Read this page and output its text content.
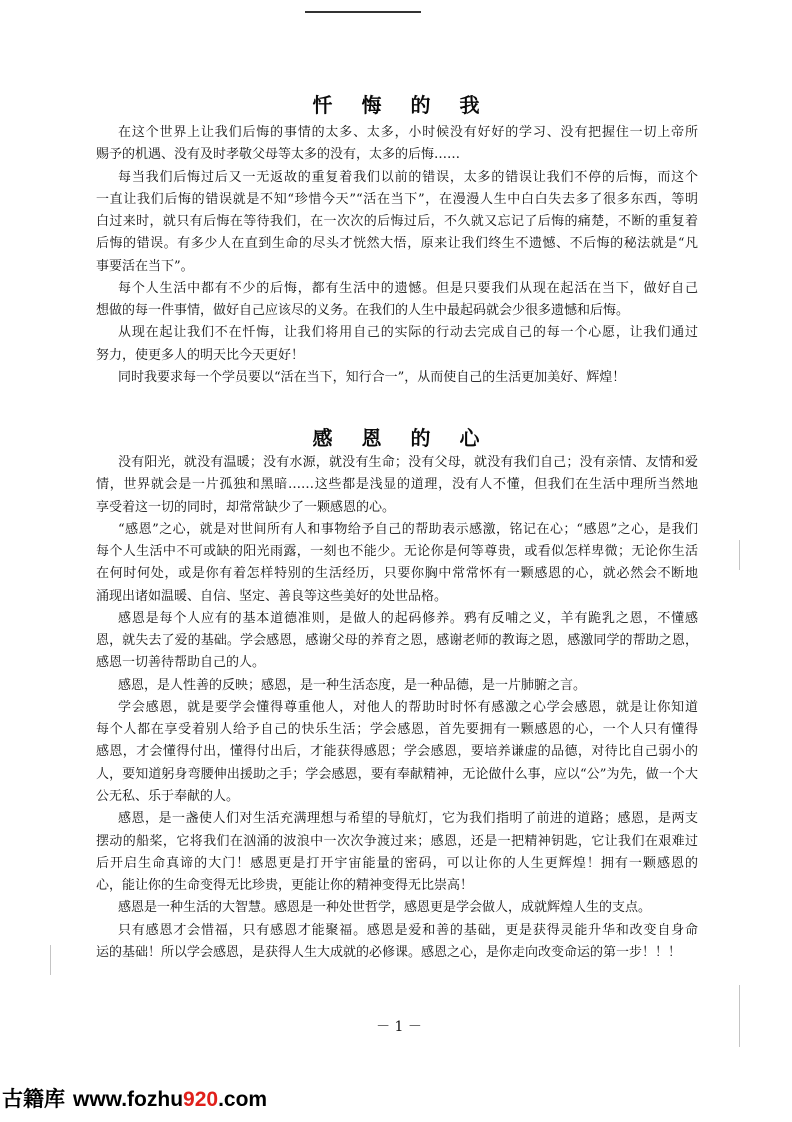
忏悔的我
在这个世界上让我们后悔的事情的太多、太多，小时候没有好好的学习、没有把握住一切上帝所
赐予的机遇、没有及时孝敬父母等太多的没有，太多的后悔……
每当我们后悔过后又一无返故的重复着我们以前的错误，太多的错误让我们不停的后悔，而这个
一直让我们后悔的错误就是不知“珍惜今天”“活在当下”，在漫漫人生中白白失去多了很多东西，等明
白过来时，就只有后悔在等待我们，在一次次的后悔过后，不久就又忘记了后悔的痛楚，不断的重复着
后悔的错误。有多少人在直到生命的尽头才恍然大悟，原来让我们终生不遗憾、不后悔的秘法就是“凡
事要活在当下”。
每个人生活中都有不少的后悔，都有生活中的遗憾。但是只要我们从现在起活在当下，做好自己
想做的每一件事情，做好自己应该尽的义务。在我们的人生中最起码就会少很多遗憾和后悔。
从现在起让我们不在忏悔，让我们将用自己的实际的行动去完成自己的每一个心愿，让我们通过
努力，使更多人的明天比今天更好！
同时我要求每一个学员要以“活在当下，知行合一”，从而使自己的生活更加美好、辉煌！
感恩的心
没有阳光，就没有温暖；没有水源，就没有生命；没有父母，就没有我们自己；没有亲情、友情和爱
情，世界就会是一片孤独和黑暗……这些都是浅显的道理，没有人不懂，但我们在生活中理所当然地
享受着这一切的同时，却常常缺少了一颗感恩的心。
“感恩”之心，就是对世间所有人和事物给予自己的帮助表示感激，铭记在心；“感恩”之心，是我们
每个人生活中不可或缺的阳光雨露，一刻也不能少。无论你是何等尊贵，或看似怎样卑微；无论你生活
在何时何处，或是你有着怎样特别的生活经历，只要你胸中常常怀有一颗感恩的心，就必然会不断地
涌现出诸如温暖、自信、坚定、善良等这些美好的处世品格。
感恩是每个人应有的基本道德准则，是做人的起码修养。鸦有反哺之义，羊有跪乳之恩，不懂感
恩，就失去了爱的基础。学会感恩，感谢父母的养育之恩，感谢老师的教诲之恩，感激同学的帮助之恩，
感恩一切善待帮助自己的人。
感恩，是人性善的反映；感恩，是一种生活态度，是一种品德，是一片肺腑之言。
学会感恩，就是要学会懂得尊重他人，对他人的帮助时时怀有感激之心学会感恩，就是让你知道
每个人都在享受着别人给予自己的快乐生活；学会感恩，首先要拥有一颗感恩的心，一个人只有懂得
感恩，才会懂得付出，懂得付出后，才能获得感恩；学会感恩，要培养谦虚的品德，对待比自己弱小的
人，要知道躬身弯腰伸出援助之手；学会感恩，要有奉献精神，无论做什么事，应以“公”为先，做一个大
公无私、乐于奉献的人。
感恩，是一盏使人们对生活充满理想与希望的导航灯，它为我们指明了前进的道路；感恩，是两支
摆动的船桨，它将我们在汹涌的波浪中一次次争渡过来；感恩，还是一把精神钥匙，它让我们在艰难过
后开启生命真谛的大门！感恩更是打开宇宙能量的密码，可以让你的人生更辉煌！拥有一颗感恩的
心，能让你的生命变得无比珍贵，更能让你的精神变得无比崇高！
感恩是一种生活的大智慧。感恩是一种处世哲学，感恩更是学会做人，成就辉煌人生的支点。
只有感恩才会惜福，只有感恩才能聚福。感恩是爱和善的基础，更是获得灵能升华和改变自身命
运的基础！所以学会感恩，是获得人生大成就的必修课。感恩之心，是你走向改变命运的第一步！！！
－ 1 －
古籍库 www.fozhu920.com
